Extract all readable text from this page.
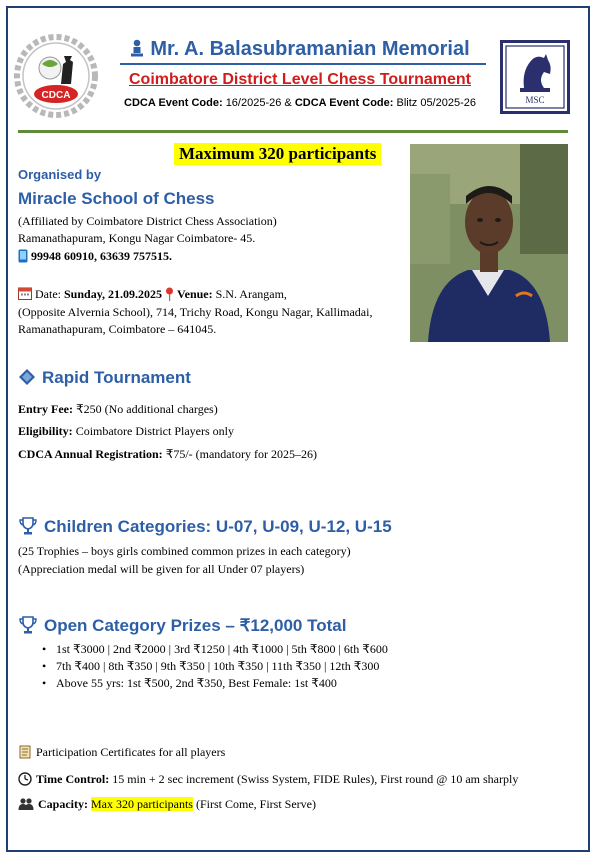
CDCA
Mr. A. Balasubramanian Memorial
Coimbatore District Level Chess Tournament
CDCA Event Code: 16/2025-26 & CDCA Event Code: Blitz 05/2025-26	MSC
Maximum 320 participants
Organised by
Miracle School of Chess
(Affiliated by Coimbatore District Chess Association)
Ramanathapuram, Kongu Nagar Coimbatore- 45.
99948 60910, 63639 757515.
Date: Sunday, 21.09.2025 Venue: S.N. Arangam,
(Opposite Alvernia School), 714, Trichy Road, Kongu Nagar, Kallimadai,
Ramanathapuram, Coimbatore – 641045.
Rapid Tournament
Entry Fee: ₹250 (No additional charges)
Eligibility: Coimbatore District Players only
CDCA Annual Registration: ₹75/- (mandatory for 2025–26)
Children Categories: U-07, U-09, U-12, U-15
(25 Trophies – boys girls combined common prizes in each category)
(Appreciation medal will be given for all Under 07 players)
Open Category Prizes – ₹12,000 Total
• 1st ₹3000 | 2nd ₹2000 | 3rd ₹1250 | 4th ₹1000 | 5th ₹800 | 6th ₹600
• 7th ₹400 | 8th ₹350 | 9th ₹350 | 10th ₹350 | 11th ₹350 | 12th ₹300
• Above 55 yrs: 1st ₹500, 2nd ₹350, Best Female: 1st ₹400
Participation Certificates for all players
Time Control: 15 min + 2 sec increment (Swiss System, FIDE Rules), First round @ 10 am sharply
Capacity: Max 320 participants (First Come, First Serve)
